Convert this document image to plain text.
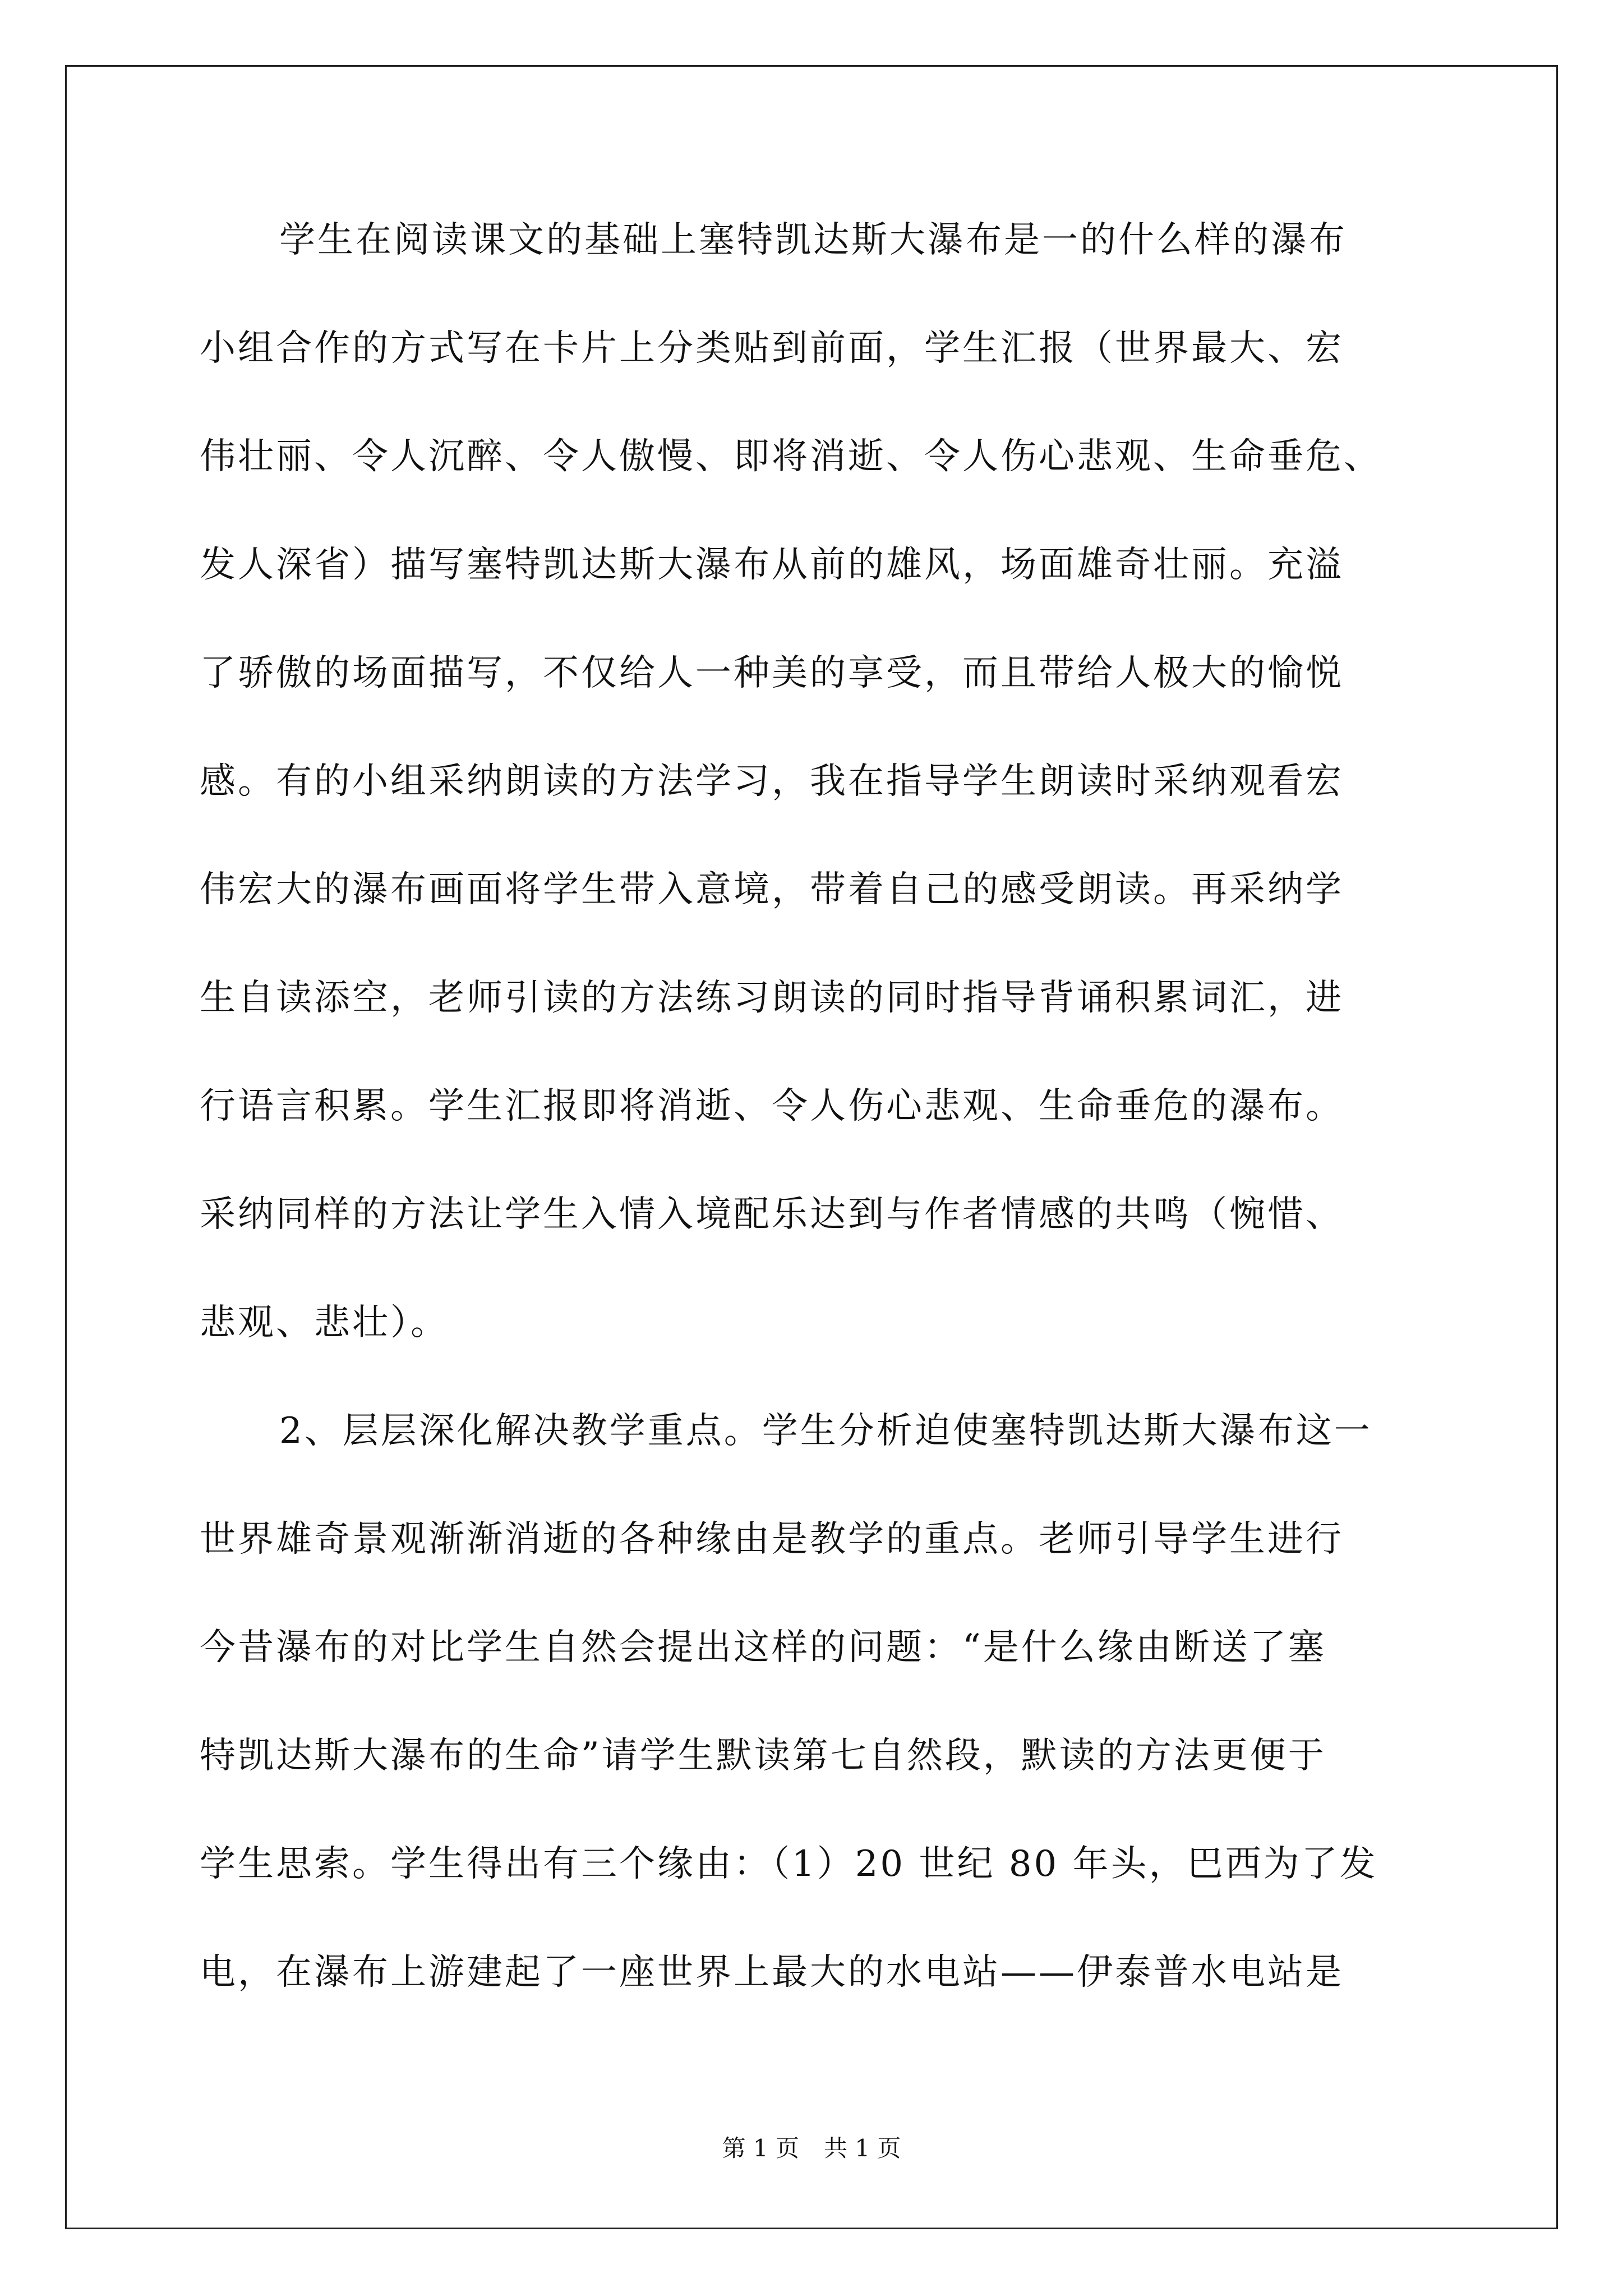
学生在阅读课文的基础上塞特凯达斯大瀑布是一的什么样的瀑布
小组合作的方式写在卡片上分类贴到前面，学生汇报（世界最大、宏
伟壮丽、令人沉醉、令人傲慢、即将消逝、令人伤心悲观、生命垂危、
发人深省）描写塞特凯达斯大瀑布从前的雄风，场面雄奇壮丽。充溢
了骄傲的场面描写，不仅给人一种美的享受，而且带给人极大的愉悦
感。有的小组采纳朗读的方法学习，我在指导学生朗读时采纳观看宏
伟宏大的瀑布画面将学生带入意境，带着自己的感受朗读。再采纳学
生自读添空，老师引读的方法练习朗读的同时指导背诵积累词汇，进
行语言积累。学生汇报即将消逝、令人伤心悲观、生命垂危的瀑布。
采纳同样的方法让学生入情入境配乐达到与作者情感的共鸣（惋惜、
悲观、悲壮）。
2、层层深化解决教学重点。学生分析迫使塞特凯达斯大瀑布这一
世界雄奇景观渐渐消逝的各种缘由是教学的重点。老师引导学生进行
今昔瀑布的对比学生自然会提出这样的问题：“是什么缘由断送了塞
特凯达斯大瀑布的生命”请学生默读第七自然段，默读的方法更便于
学生思索。学生得出有三个缘由：（1）20 世纪 80 年头，巴西为了发
电，在瀑布上游建起了一座世界上最大的水电站——伊泰普水电站是
第 1 页 共 1 页
